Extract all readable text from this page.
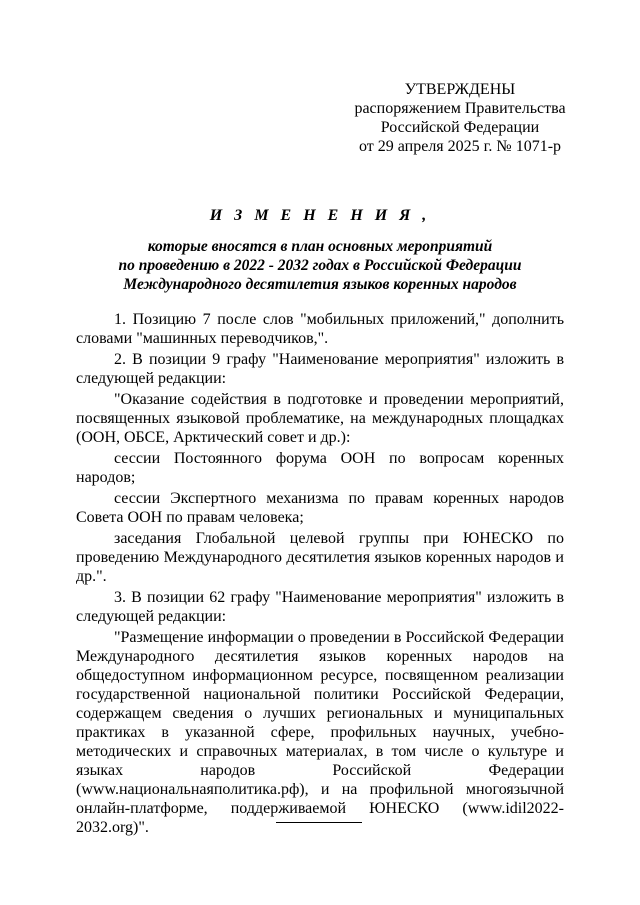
УТВЕРЖДЕНЫ
распоряжением Правительства
Российской Федерации
от 29 апреля 2025 г. № 1071-р
И З М Е Н Е Н И Я ,
которые вносятся в план основных мероприятий
по проведению в 2022 - 2032 годах в Российской Федерации
Международного десятилетия языков коренных народов

1. Позицию 7 после слов "мобильных приложений," дополнить словами "машинных переводчиков,".

2. В позиции 9 графу "Наименование мероприятия" изложить в следующей редакции:

"Оказание содействия в подготовке и проведении мероприятий, посвященных языковой проблематике, на международных площадках (ООН, ОБСЕ, Арктический совет и др.):

сессии Постоянного форума ООН по вопросам коренных народов;

сессии Экспертного механизма по правам коренных народов Совета ООН по правам человека;

заседания Глобальной целевой группы при ЮНЕСКО по проведению Международного десятилетия языков коренных народов и др.".

3. В позиции 62 графу "Наименование мероприятия" изложить в следующей редакции:

"Размещение информации о проведении в Российской Федерации Международного десятилетия языков коренных народов на общедоступном информационном ресурсе, посвященном реализации государственной национальной политики Российской Федерации, содержащем сведения о лучших региональных и муниципальных практиках в указанной сфере, профильных научных, учебно-методических и справочных материалах, в том числе о культуре и языках народов Российской Федерации (www.национальнаяполитика.рф), и на профильной многоязычной онлайн-платформе, поддерживаемой ЮНЕСКО (www.idil2022-2032.org)".
